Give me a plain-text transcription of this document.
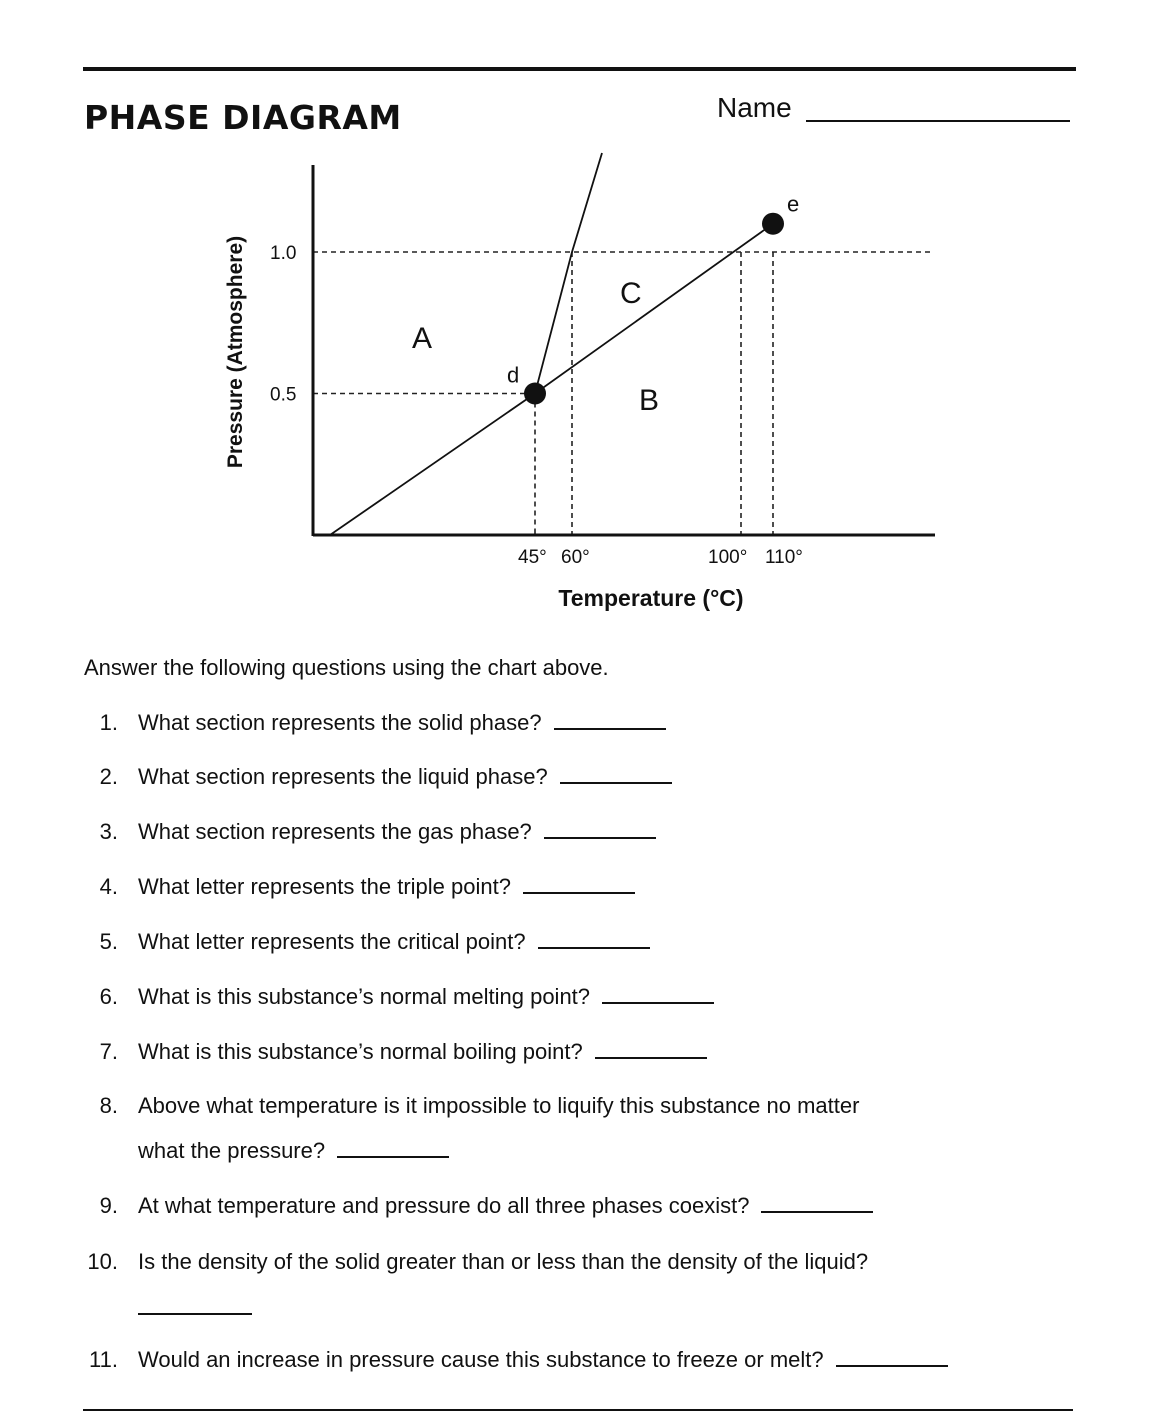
PHASE DIAGRAM	Name
d
e
A
B
C
1.0
0.5
45° 60°	100° 110°
Temperature (°C)
Pressure (Atmosphere)
Answer the following questions using the chart above.
1. What section represents the solid phase?
2. What section represents the liquid phase?
3. What section represents the gas phase?
4. What letter represents the triple point?
5. What letter represents the critical point?
6. What is this substance’s normal melting point?
7. What is this substance’s normal boiling point?
8. Above what temperature is it impossible to liquify this substance no matter
what the pressure?
9. At what temperature and pressure do all three phases coexist?
10. Is the density of the solid greater than or less than the density of the liquid?
11. Would an increase in pressure cause this substance to freeze or melt?
